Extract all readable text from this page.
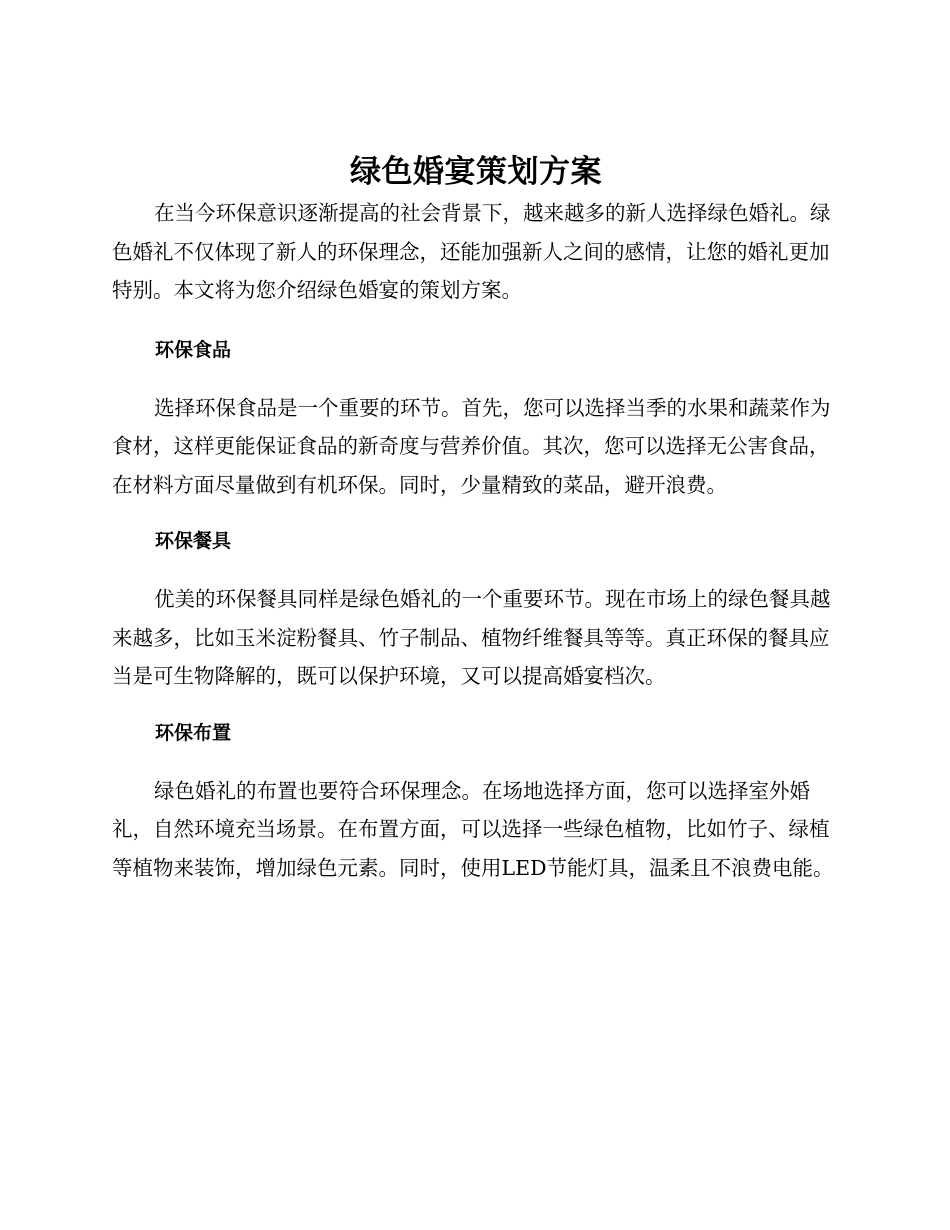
绿色婚宴策划方案

在当今环保意识逐渐提高的社会背景下，越来越多的新人选择绿色婚礼。绿色婚礼不仅体现了新人的环保理念，还能加强新人之间的感情，让您的婚礼更加特别。本文将为您介绍绿色婚宴的策划方案。

环保食品

选择环保食品是一个重要的环节。首先，您可以选择当季的水果和蔬菜作为食材，这样更能保证食品的新奇度与营养价值。其次，您可以选择无公害食品，在材料方面尽量做到有机环保。同时，少量精致的菜品，避开浪费。

环保餐具

优美的环保餐具同样是绿色婚礼的一个重要环节。现在市场上的绿色餐具越来越多，比如玉米淀粉餐具、竹子制品、植物纤维餐具等等。真正环保的餐具应当是可生物降解的，既可以保护环境，又可以提高婚宴档次。

环保布置

绿色婚礼的布置也要符合环保理念。在场地选择方面，您可以选择室外婚礼，自然环境充当场景。在布置方面，可以选择一些绿色植物，比如竹子、绿植等植物来装饰，增加绿色元素。同时，使用LED节能灯具，温柔且不浪费电能。
